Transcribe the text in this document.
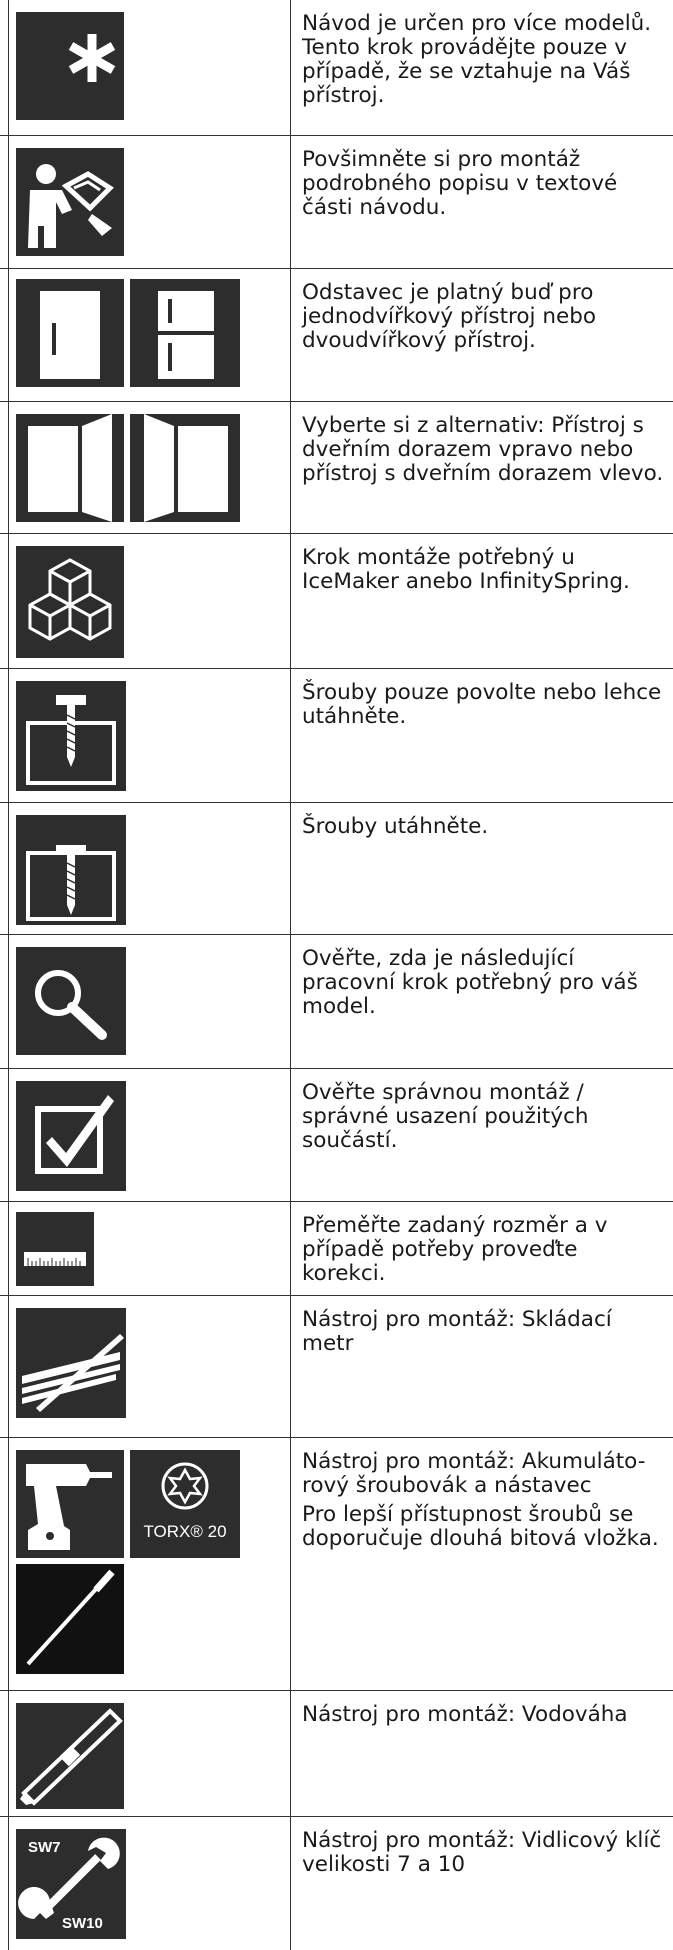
Návod je určen pro více modelů. Tento krok provádějte pouze v případě, že se vztahuje na Váš přístroj.
Povšimněte si pro montáž podrobného popisu v textové části návodu.
Odstavec je platný buď pro jednodvířkový přístroj nebo dvoudvířkový přístroj.
Vyberte si z alternativ: Přístroj s dveřním dorazem vpravo nebo přístroj s dveřním dorazem vlevo.
Krok montáže potřebný u IceMaker anebo InfinitySpring.
Šrouby pouze povolte nebo lehce utáhněte.
Šrouby utáhněte.
Ověřte, zda je následující pracovní krok potřebný pro váš model.
Ověřte správnou montáž / správné usazení použitých součástí.
Přeměřte zadaný rozměr a v případě potřeby proveďte korekci.
Nástroj pro montáž: Skládací metr
TORX® 20

Nástroj pro montáž: Akumuláto-rový šroubovák a nástavec

Pro lepší přístupnost šroubů se doporučuje dlouhá bitová vložka.

Nástroj pro montáž: Vodováha
SW7
SW10
Nástroj pro montáž: Vidlicový klíč velikosti 7 a 10
